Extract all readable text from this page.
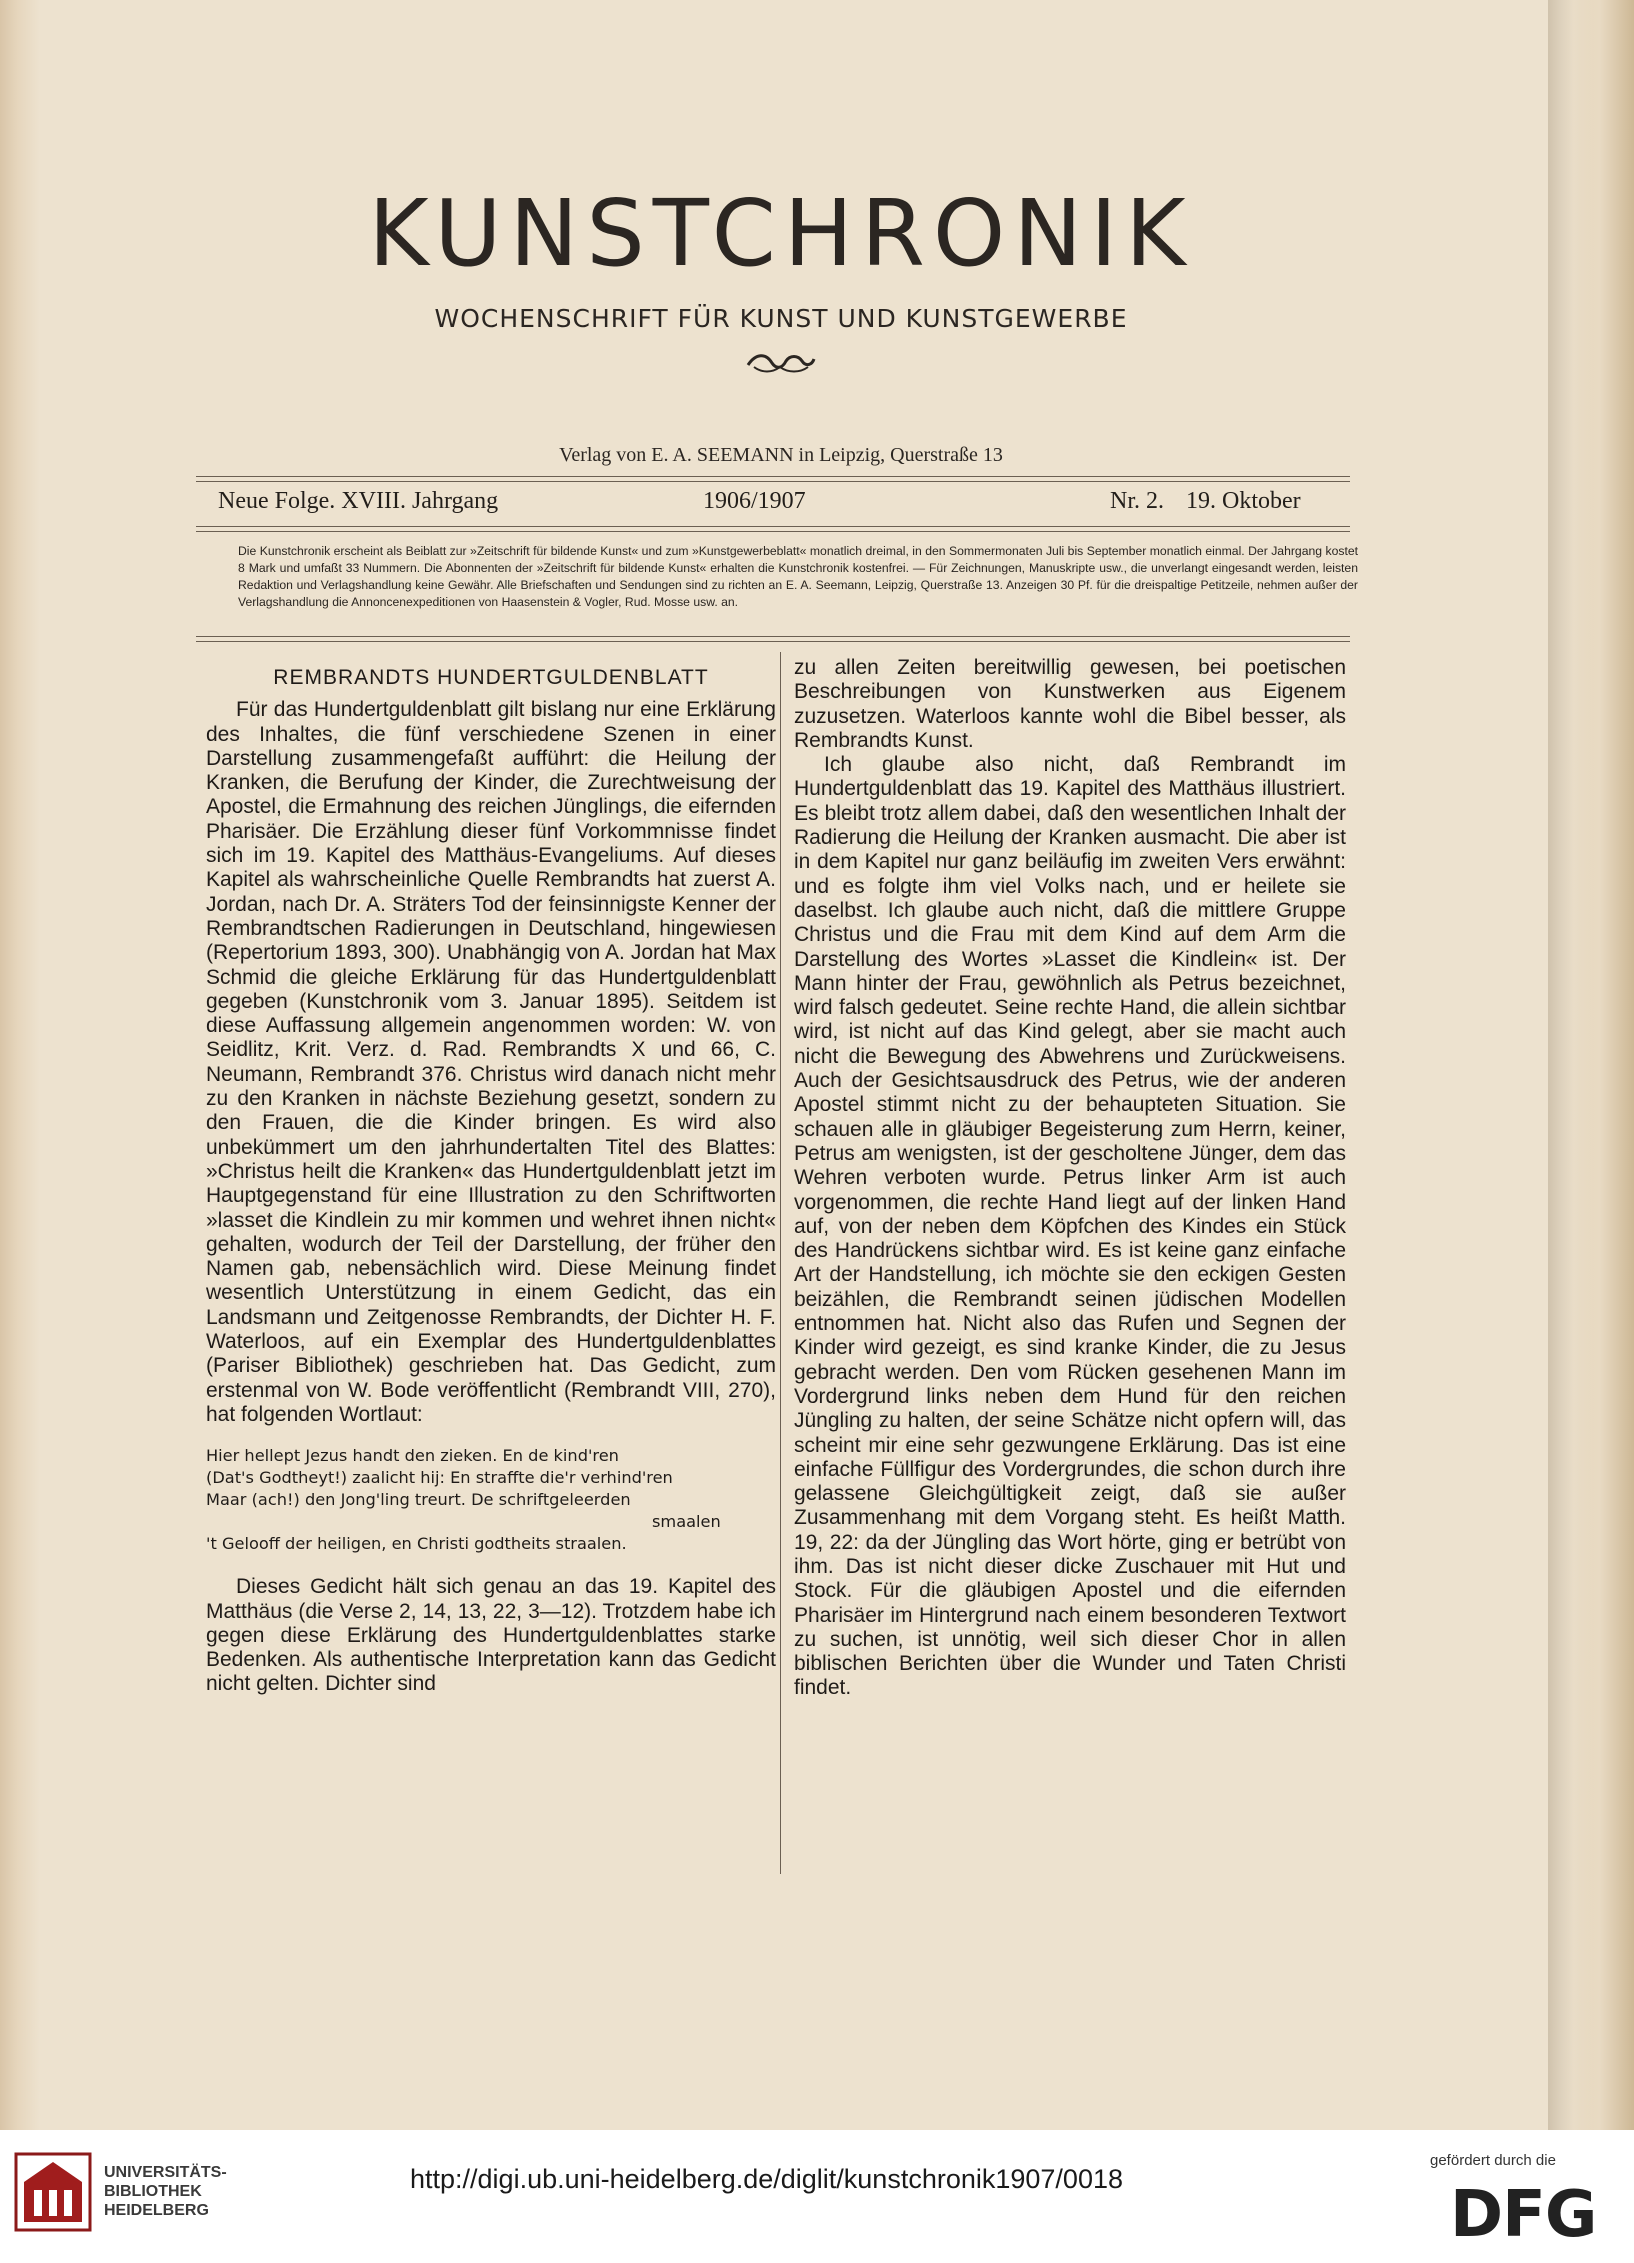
KUNSTCHRONIK
WOCHENSCHRIFT FÜR KUNST UND KUNSTGEWERBE
Verlag von E. A. SEEMANN in Leipzig, Querstraße 13
Neue Folge. XVIII. Jahrgang	1906/1907	Nr. 2. 19. Oktober
Die Kunstchronik erscheint als Beiblatt zur »Zeitschrift für bildende Kunst« und zum »Kunstgewerbeblatt« monatlich dreimal, in den Sommermonaten Juli bis September monatlich einmal. Der Jahrgang kostet 8 Mark und umfaßt 33 Nummern. Die Abonnenten der »Zeitschrift für bildende Kunst« erhalten die Kunstchronik kostenfrei. — Für Zeichnungen, Manuskripte usw., die unverlangt eingesandt werden, leisten Redaktion und Verlagshandlung keine Gewähr. Alle Briefschaften und Sendungen sind zu richten an E. A. Seemann, Leipzig, Querstraße 13. Anzeigen 30 Pf. für die dreispaltige Petitzeile, nehmen außer der Verlagshandlung die Annoncenexpeditionen von Haasenstein & Vogler, Rud. Mosse usw. an.
REMBRANDTS HUNDERTGULDENBLATT

Für das Hundertguldenblatt gilt bislang nur eine Erklärung des Inhaltes, die fünf verschiedene Szenen in einer Darstellung zusammengefaßt aufführt: die Heilung der Kranken, die Berufung der Kinder, die Zurechtweisung der Apostel, die Ermahnung des reichen Jünglings, die eifernden Pharisäer. Die Erzählung dieser fünf Vorkommnisse findet sich im 19. Kapitel des Matthäus-Evangeliums. Auf dieses Kapitel als wahrscheinliche Quelle Rembrandts hat zuerst A. Jordan, nach Dr. A. Sträters Tod der feinsinnigste Kenner der Rembrandtschen Radierungen in Deutschland, hingewiesen (Repertorium 1893, 300). Unabhängig von A. Jordan hat Max Schmid die gleiche Erklärung für das Hundertguldenblatt gegeben (Kunstchronik vom 3. Januar 1895). Seitdem ist diese Auffassung allgemein angenommen worden: W. von Seidlitz, Krit. Verz. d. Rad. Rembrandts X und 66, C. Neumann, Rembrandt 376. Christus wird danach nicht mehr zu den Kranken in nächste Beziehung gesetzt, sondern zu den Frauen, die die Kinder bringen. Es wird also unbekümmert um den jahrhundertalten Titel des Blattes: »Christus heilt die Kranken« das Hundertguldenblatt jetzt im Hauptgegenstand für eine Illustration zu den Schriftworten »lasset die Kindlein zu mir kommen und wehret ihnen nicht« gehalten, wodurch der Teil der Darstellung, der früher den Namen gab, nebensächlich wird. Diese Meinung findet wesentlich Unterstützung in einem Gedicht, das ein Landsmann und Zeitgenosse Rembrandts, der Dichter H. F. Waterloos, auf ein Exemplar des Hundertguldenblattes (Pariser Bibliothek) geschrieben hat. Das Gedicht, zum erstenmal von W. Bode veröffentlicht (Rembrandt VIII, 270), hat folgenden Wortlaut:

Hier hellept Jezus handt den zieken. En de kind'ren
(Dat's Godtheyt!) zaalicht hij: En straffte die'r verhind'ren
Maar (ach!) den Jong'ling treurt. De schriftgeleerden
smaalen
't Gelooff der heiligen, en Christi godtheits straalen.

Dieses Gedicht hält sich genau an das 19. Kapitel des Matthäus (die Verse 2, 14, 13, 22, 3—12). Trotzdem habe ich gegen diese Erklärung des Hundertguldenblattes starke Bedenken. Als authentische Interpretation kann das Gedicht nicht gelten. Dichter sind

zu allen Zeiten bereitwillig gewesen, bei poetischen Beschreibungen von Kunstwerken aus Eigenem zuzusetzen. Waterloos kannte wohl die Bibel besser, als Rembrandts Kunst.

Ich glaube also nicht, daß Rembrandt im Hundertguldenblatt das 19. Kapitel des Matthäus illustriert. Es bleibt trotz allem dabei, daß den wesentlichen Inhalt der Radierung die Heilung der Kranken ausmacht. Die aber ist in dem Kapitel nur ganz beiläufig im zweiten Vers erwähnt: und es folgte ihm viel Volks nach, und er heilete sie daselbst. Ich glaube auch nicht, daß die mittlere Gruppe Christus und die Frau mit dem Kind auf dem Arm die Darstellung des Wortes »Lasset die Kindlein« ist. Der Mann hinter der Frau, gewöhnlich als Petrus bezeichnet, wird falsch gedeutet. Seine rechte Hand, die allein sichtbar wird, ist nicht auf das Kind gelegt, aber sie macht auch nicht die Bewegung des Abwehrens und Zurückweisens. Auch der Gesichtsausdruck des Petrus, wie der anderen Apostel stimmt nicht zu der behaupteten Situation. Sie schauen alle in gläubiger Begeisterung zum Herrn, keiner, Petrus am wenigsten, ist der gescholtene Jünger, dem das Wehren verboten wurde. Petrus linker Arm ist auch vorgenommen, die rechte Hand liegt auf der linken Hand auf, von der neben dem Köpfchen des Kindes ein Stück des Handrückens sichtbar wird. Es ist keine ganz einfache Art der Handstellung, ich möchte sie den eckigen Gesten beizählen, die Rembrandt seinen jüdischen Modellen entnommen hat. Nicht also das Rufen und Segnen der Kinder wird gezeigt, es sind kranke Kinder, die zu Jesus gebracht werden. Den vom Rücken gesehenen Mann im Vordergrund links neben dem Hund für den reichen Jüngling zu halten, der seine Schätze nicht opfern will, das scheint mir eine sehr gezwungene Erklärung. Das ist eine einfache Füllfigur des Vordergrundes, die schon durch ihre gelassene Gleichgültigkeit zeigt, daß sie außer Zusammenhang mit dem Vorgang steht. Es heißt Matth. 19, 22: da der Jüngling das Wort hörte, ging er betrübt von ihm. Das ist nicht dieser dicke Zuschauer mit Hut und Stock. Für die gläubigen Apostel und die eifernden Pharisäer im Hintergrund nach einem besonderen Textwort zu suchen, ist unnötig, weil sich dieser Chor in allen biblischen Berichten über die Wunder und Taten Christi findet.

UNIVERSITÄTS-
BIBLIOTHEK
HEIDELBERG
http://digi.ub.uni-heidelberg.de/diglit/kunstchronik1907/0018
gefördert durch die
DFG
